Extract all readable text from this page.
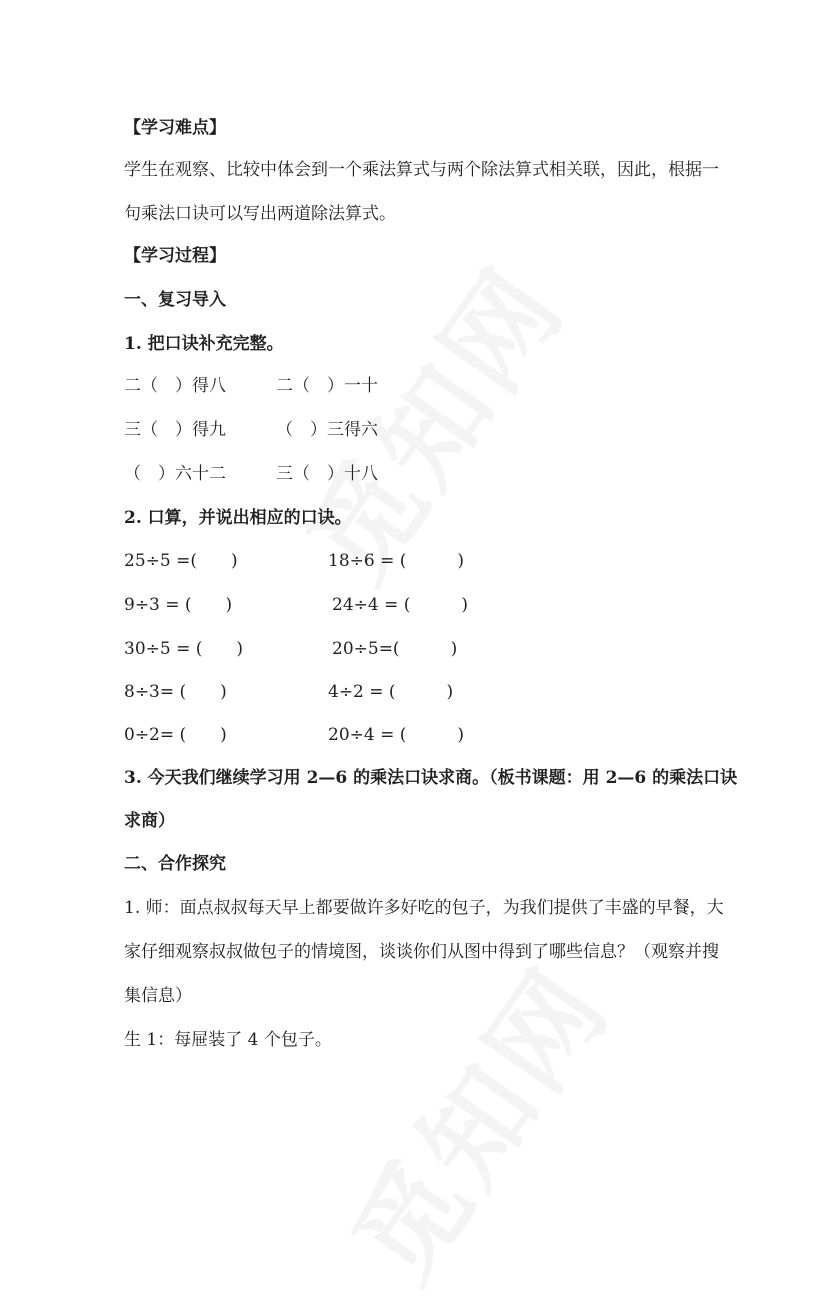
【学习难点】
学生在观察、比较中体会到一个乘法算式与两个除法算式相关联，因此，根据一
句乘法口诀可以写出两道除法算式。
【学习过程】
一、复习导入
1. 把口诀补充完整。
二（　）得八	二（　）一十
三（　）得九	（　）三得六
（　）六十二	三（　）十八
2. 口算，并说出相应的口诀。
25÷5 =(　　)	18÷6 = (　　　)
9÷3 = (　　)	24÷4 = (　　　)
30÷5 = (　　)	20÷5=(　　　)
8÷3= (　　)	4÷2 = (　　　)
0÷2= (　　)	20÷4 = (　　　)
3. 今天我们继续学习用 2—6 的乘法口诀求商。（板书课题：用 2—6 的乘法口诀
求商）
二、合作探究
1. 师：面点叔叔每天早上都要做许多好吃的包子，为我们提供了丰盛的早餐，大
家仔细观察叔叔做包子的情境图，谈谈你们从图中得到了哪些信息？（观察并搜
集信息）
生 1：每屉装了 4 个包子。
